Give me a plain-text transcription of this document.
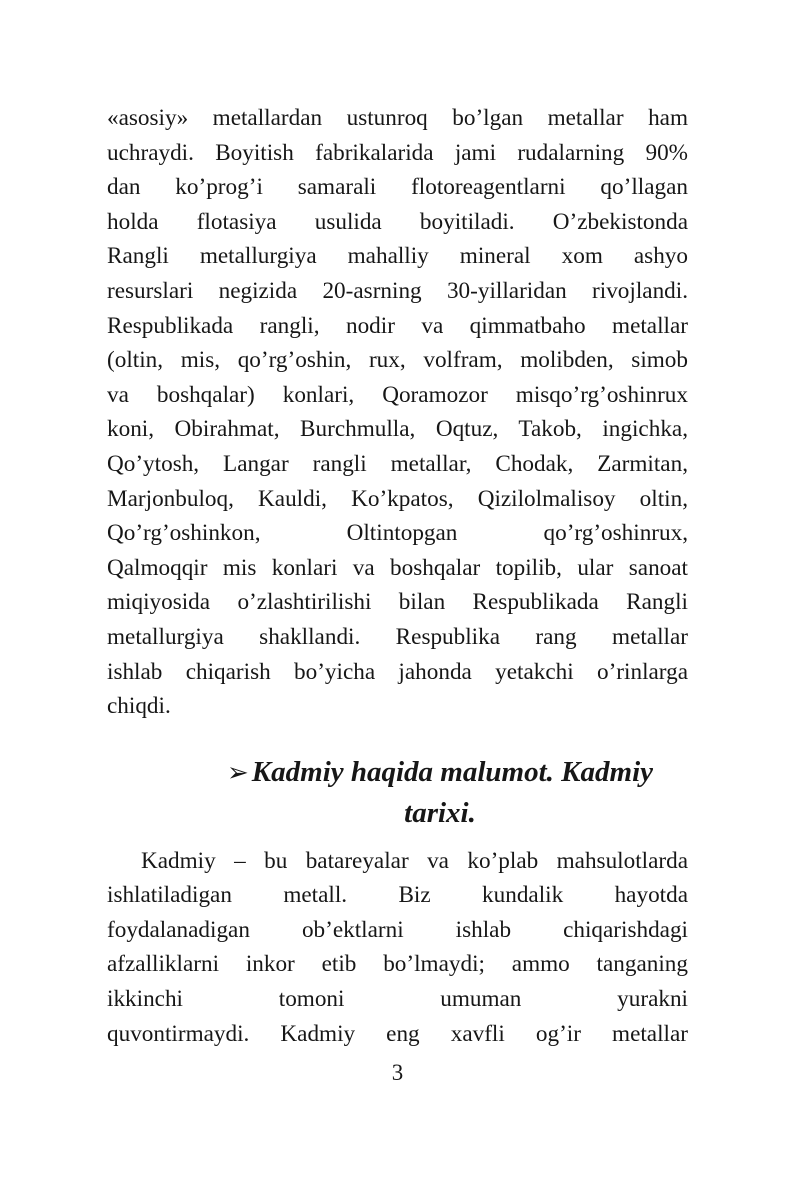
«asosiy» metallardan ustunroq bo’lgan metallar ham
uchraydi. Boyitish fabrikalarida jami rudalarning 90%
dan ko’prog’i samarali flotoreagentlarni qo’llagan
holda flotasiya usulida boyitiladi. O’zbekistonda
Rangli metallurgiya mahalliy mineral xom ashyo
resurslari negizida 20-asrning 30-yillaridan rivojlandi.
Respublikada rangli, nodir va qimmatbaho metallar
(oltin, mis, qo’rg’oshin, rux, volfram, molibden, simob
va boshqalar) konlari, Qoramozor misqo’rg’oshinrux
koni, Obirahmat, Burchmulla, Oqtuz, Takob, ingichka,
Qo’ytosh, Langar rangli metallar, Chodak, Zarmitan,
Marjonbuloq, Kauldi, Ko’kpatos, Qizilolmalisoy oltin,
Qo’rg’oshinkon, Oltintopgan qo’rg’oshinrux,
Qalmoqqir mis konlari va boshqalar topilib, ular sanoat
miqiyosida o’zlashtirilishi bilan Respublikada Rangli
metallurgiya shakllandi. Respublika rang metallar
ishlab chiqarish bo’yicha jahonda yetakchi o’rinlarga
chiqdi.
➢ Kadmiy haqida malumot. Kadmiy
tarixi.
Kadmiy – bu batareyalar va ko’plab mahsulotlarda
ishlatiladigan metall. Biz kundalik hayotda
foydalanadigan ob’ektlarni ishlab chiqarishdagi
afzalliklarni inkor etib bo’lmaydi; ammo tanganing
ikkinchi tomoni umuman yurakni
quvontirmaydi. Kadmiy eng xavfli og’ir metallar
3
